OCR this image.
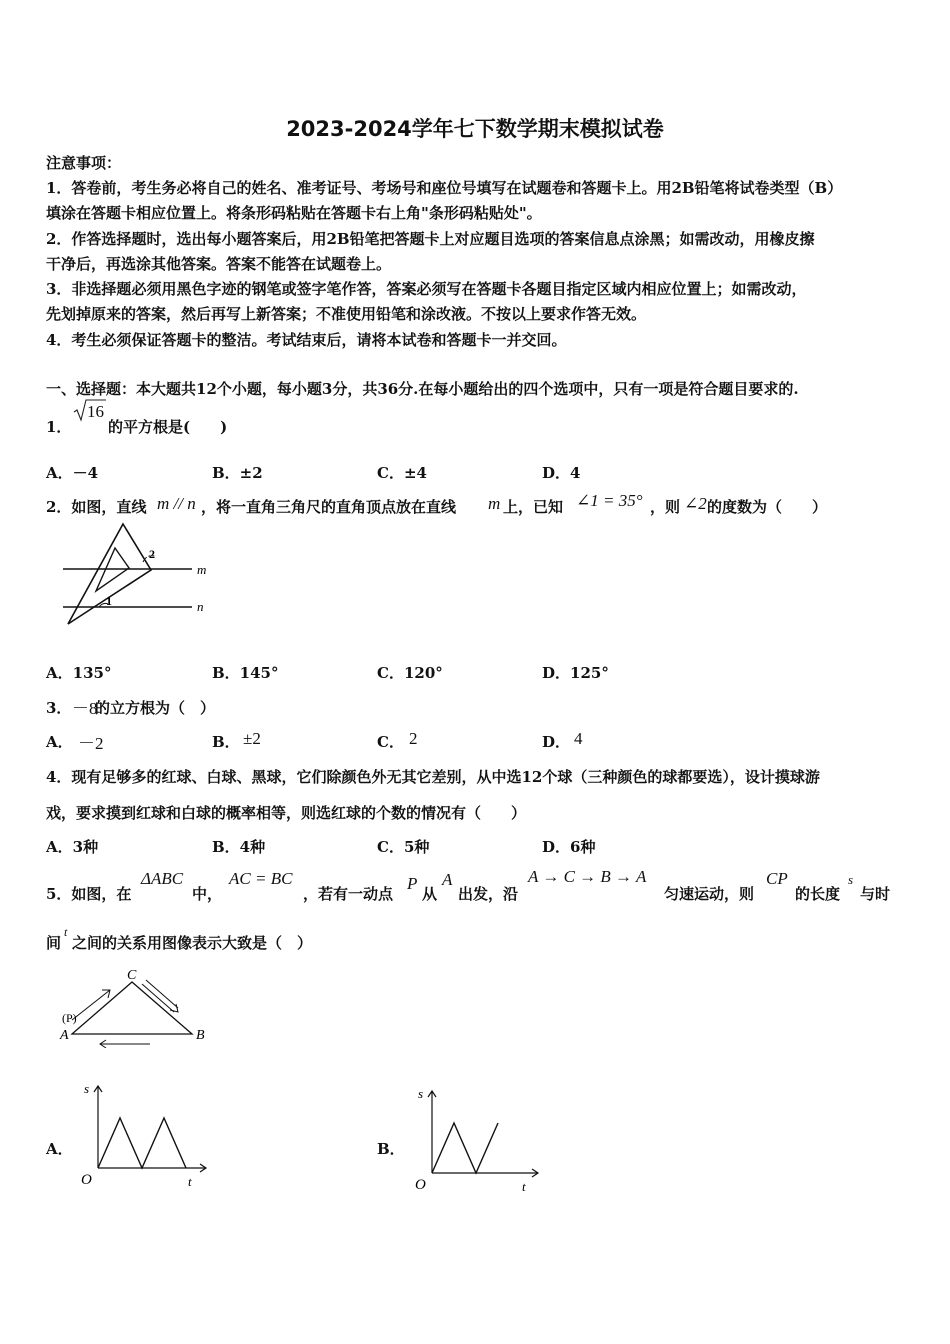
2023-2024学年七下数学期末模拟试卷
注意事项：
1．答卷前，考生务必将自己的姓名、准考证号、考场号和座位号填写在试题卷和答题卡上。用2B铅笔将试卷类型（B）
填涂在答题卡相应位置上。将条形码粘贴在答题卡右上角"条形码粘贴处"。
2．作答选择题时，选出每小题答案后，用2B铅笔把答题卡上对应题目选项的答案信息点涂黑；如需改动，用橡皮擦
干净后，再选涂其他答案。答案不能答在试题卷上。
3．非选择题必须用黑色字迹的钢笔或签字笔作答，答案必须写在答题卡各题目指定区域内相应位置上；如需改动，
先划掉原来的答案，然后再写上新答案；不准使用铅笔和涂改液。不按以上要求作答无效。
4．考生必须保证答题卡的整洁。考试结束后，请将本试卷和答题卡一并交回。
一、选择题：本大题共12个小题，每小题3分，共36分.在每小题给出的四个选项中，只有一项是符合题目要求的.
1．
16
的平方根是(　　)
A．－4	B．±2	C．±4	D．4
2．如图，直线 m // n ，将一直角三角尺的直角顶点放在直线 m 上，已知 ∠1 = 35° ，则 ∠2 的度数为（　　）
2
1
m
n
A．135°	B．145°	C．120°	D．125°
3． －8
的立方根为（　）
A． －2	B． ±2	C． 2	D． 4
4．现有足够多的红球、白球、黑球，它们除颜色外无其它差别，从中选12个球（三种颜色的球都要选），设计摸球游
戏，要求摸到红球和白球的概率相等，则选红球的个数的情况有（　　）
A．3种	B．4种	C．5种	D．6种
5．如图，在
ΔABC
中，
AC = BC
，若有一动点
P
从
A
出发，沿
A → C → B → A
匀速运动，则
CP
的长度
s
与时
间
t
之间的关系用图像表示大致是（　）
C
A	B
(P)
A．
s
O	t
B．
s
O	t
